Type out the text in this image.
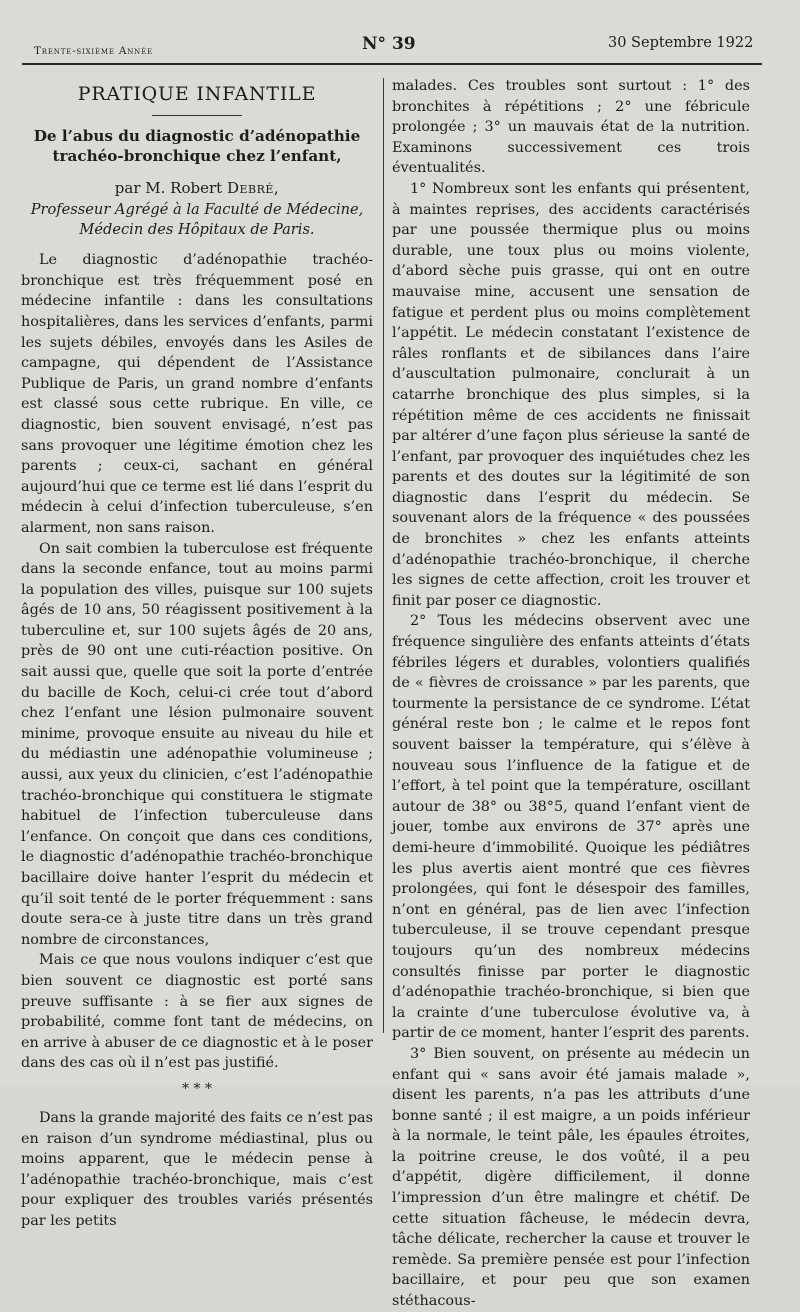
Trente-sixième Année	N° 39	30 Septembre 1922
PRATIQUE INFANTILE
De l’abus du diagnostic d’adénopathie
trachéo-bronchique chez l’enfant,
par M. Robert Debré,
Professeur Agrégé à la Faculté de Médecine,
Médecin des Hôpitaux de Paris.

Le diagnostic d’adénopathie trachéo-bronchique est très fréquemment posé en médecine infantile : dans les consultations hospitalières, dans les services d’enfants, parmi les sujets débiles, envoyés dans les Asiles de campagne, qui dépendent de l’Assistance Publique de Paris, un grand nombre d’enfants est classé sous cette rubrique. En ville, ce diagnostic, bien souvent envisagé, n’est pas sans provoquer une légitime émotion chez les parents ; ceux-ci, sachant en général aujourd’hui que ce terme est lié dans l’esprit du médecin à celui d’infection tuberculeuse, s’en alarment, non sans raison.

On sait combien la tuberculose est fréquente dans la seconde enfance, tout au moins parmi la population des villes, puisque sur 100 sujets âgés de 10 ans, 50 réagissent positivement à la tuberculine et, sur 100 sujets âgés de 20 ans, près de 90 ont une cuti-réaction positive. On sait aussi que, quelle que soit la porte d’entrée du bacille de Koch, celui-ci crée tout d’abord chez l’enfant une lésion pulmonaire souvent minime, provoque ensuite au niveau du hile et du médiastin une adénopathie volumineuse ; aussi, aux yeux du clinicien, c’est l’adénopathie trachéo-bronchique qui constituera le stigmate habituel de l’infection tuberculeuse dans l’enfance. On conçoit que dans ces conditions, le diagnostic d’adénopathie trachéo-bronchique bacillaire doive hanter l’esprit du médecin et qu’il soit tenté de le porter fréquemment : sans doute sera-ce à juste titre dans un très grand nombre de circonstances,

Mais ce que nous voulons indiquer c’est que bien souvent ce diagnostic est porté sans preuve suffisante : à se fier aux signes de probabilité, comme font tant de médecins, on en arrive à abuser de ce diagnostic et à le poser dans des cas où il n’est pas justifié.

* * *

Dans la grande majorité des faits ce n’est pas en raison d’un syndrome médiastinal, plus ou moins apparent, que le médecin pense à l’adénopathie trachéo-bronchique, mais c’est pour expliquer des troubles variés présentés par les petits

malades. Ces troubles sont surtout : 1° des bronchites à répétitions ; 2° une fébricule prolongée ; 3° un mauvais état de la nutrition. Examinons successivement ces trois éventualités.

1° Nombreux sont les enfants qui présentent, à maintes reprises, des accidents caractérisés par une poussée thermique plus ou moins durable, une toux plus ou moins violente, d’abord sèche puis grasse, qui ont en outre mauvaise mine, accusent une sensation de fatigue et perdent plus ou moins complètement l’appétit. Le médecin constatant l’existence de râles ronflants et de sibilances dans l’aire d’auscultation pulmonaire, conclurait à un catarrhe bronchique des plus simples, si la répétition même de ces accidents ne finissait par altérer d’une façon plus sérieuse la santé de l’enfant, par provoquer des inquiétudes chez les parents et des doutes sur la légitimité de son diagnostic dans l’esprit du médecin. Se souvenant alors de la fréquence « des poussées de bronchites » chez les enfants atteints d’adénopathie trachéo-bronchique, il cherche les signes de cette affection, croit les trouver et finit par poser ce diagnostic.

2° Tous les médecins observent avec une fréquence singulière des enfants atteints d’états fébriles légers et durables, volontiers qualifiés de « fièvres de croissance » par les parents, que tourmente la persistance de ce syndrome. L’état général reste bon ; le calme et le repos font souvent baisser la température, qui s’élève à nouveau sous l’influence de la fatigue et de l’effort, à tel point que la température, oscillant autour de 38° ou 38°5, quand l’enfant vient de jouer, tombe aux environs de 37° après une demi-heure d’immobilité. Quoique les pédiâtres les plus avertis aient montré que ces fièvres prolongées, qui font le désespoir des familles, n’ont en général, pas de lien avec l’infection tuberculeuse, il se trouve cependant presque toujours qu’un des nombreux médecins consultés finisse par porter le diagnostic d’adénopathie trachéo-bronchique, si bien que la crainte d’une tuberculose évolutive va, à partir de ce moment, hanter l’esprit des parents.

3° Bien souvent, on présente au médecin un enfant qui « sans avoir été jamais malade », disent les parents, n’a pas les attributs d’une bonne santé ; il est maigre, a un poids inférieur à la normale, le teint pâle, les épaules étroites, la poitrine creuse, le dos voûté, il a peu d’appétit, digère difficilement, il donne l’impression d’un être malingre et chétif. De cette situation fâcheuse, le médecin devra, tâche délicate, rechercher la cause et trouver le remède. Sa première pensée est pour l’infection bacillaire, et pour peu que son examen stéthacous-
